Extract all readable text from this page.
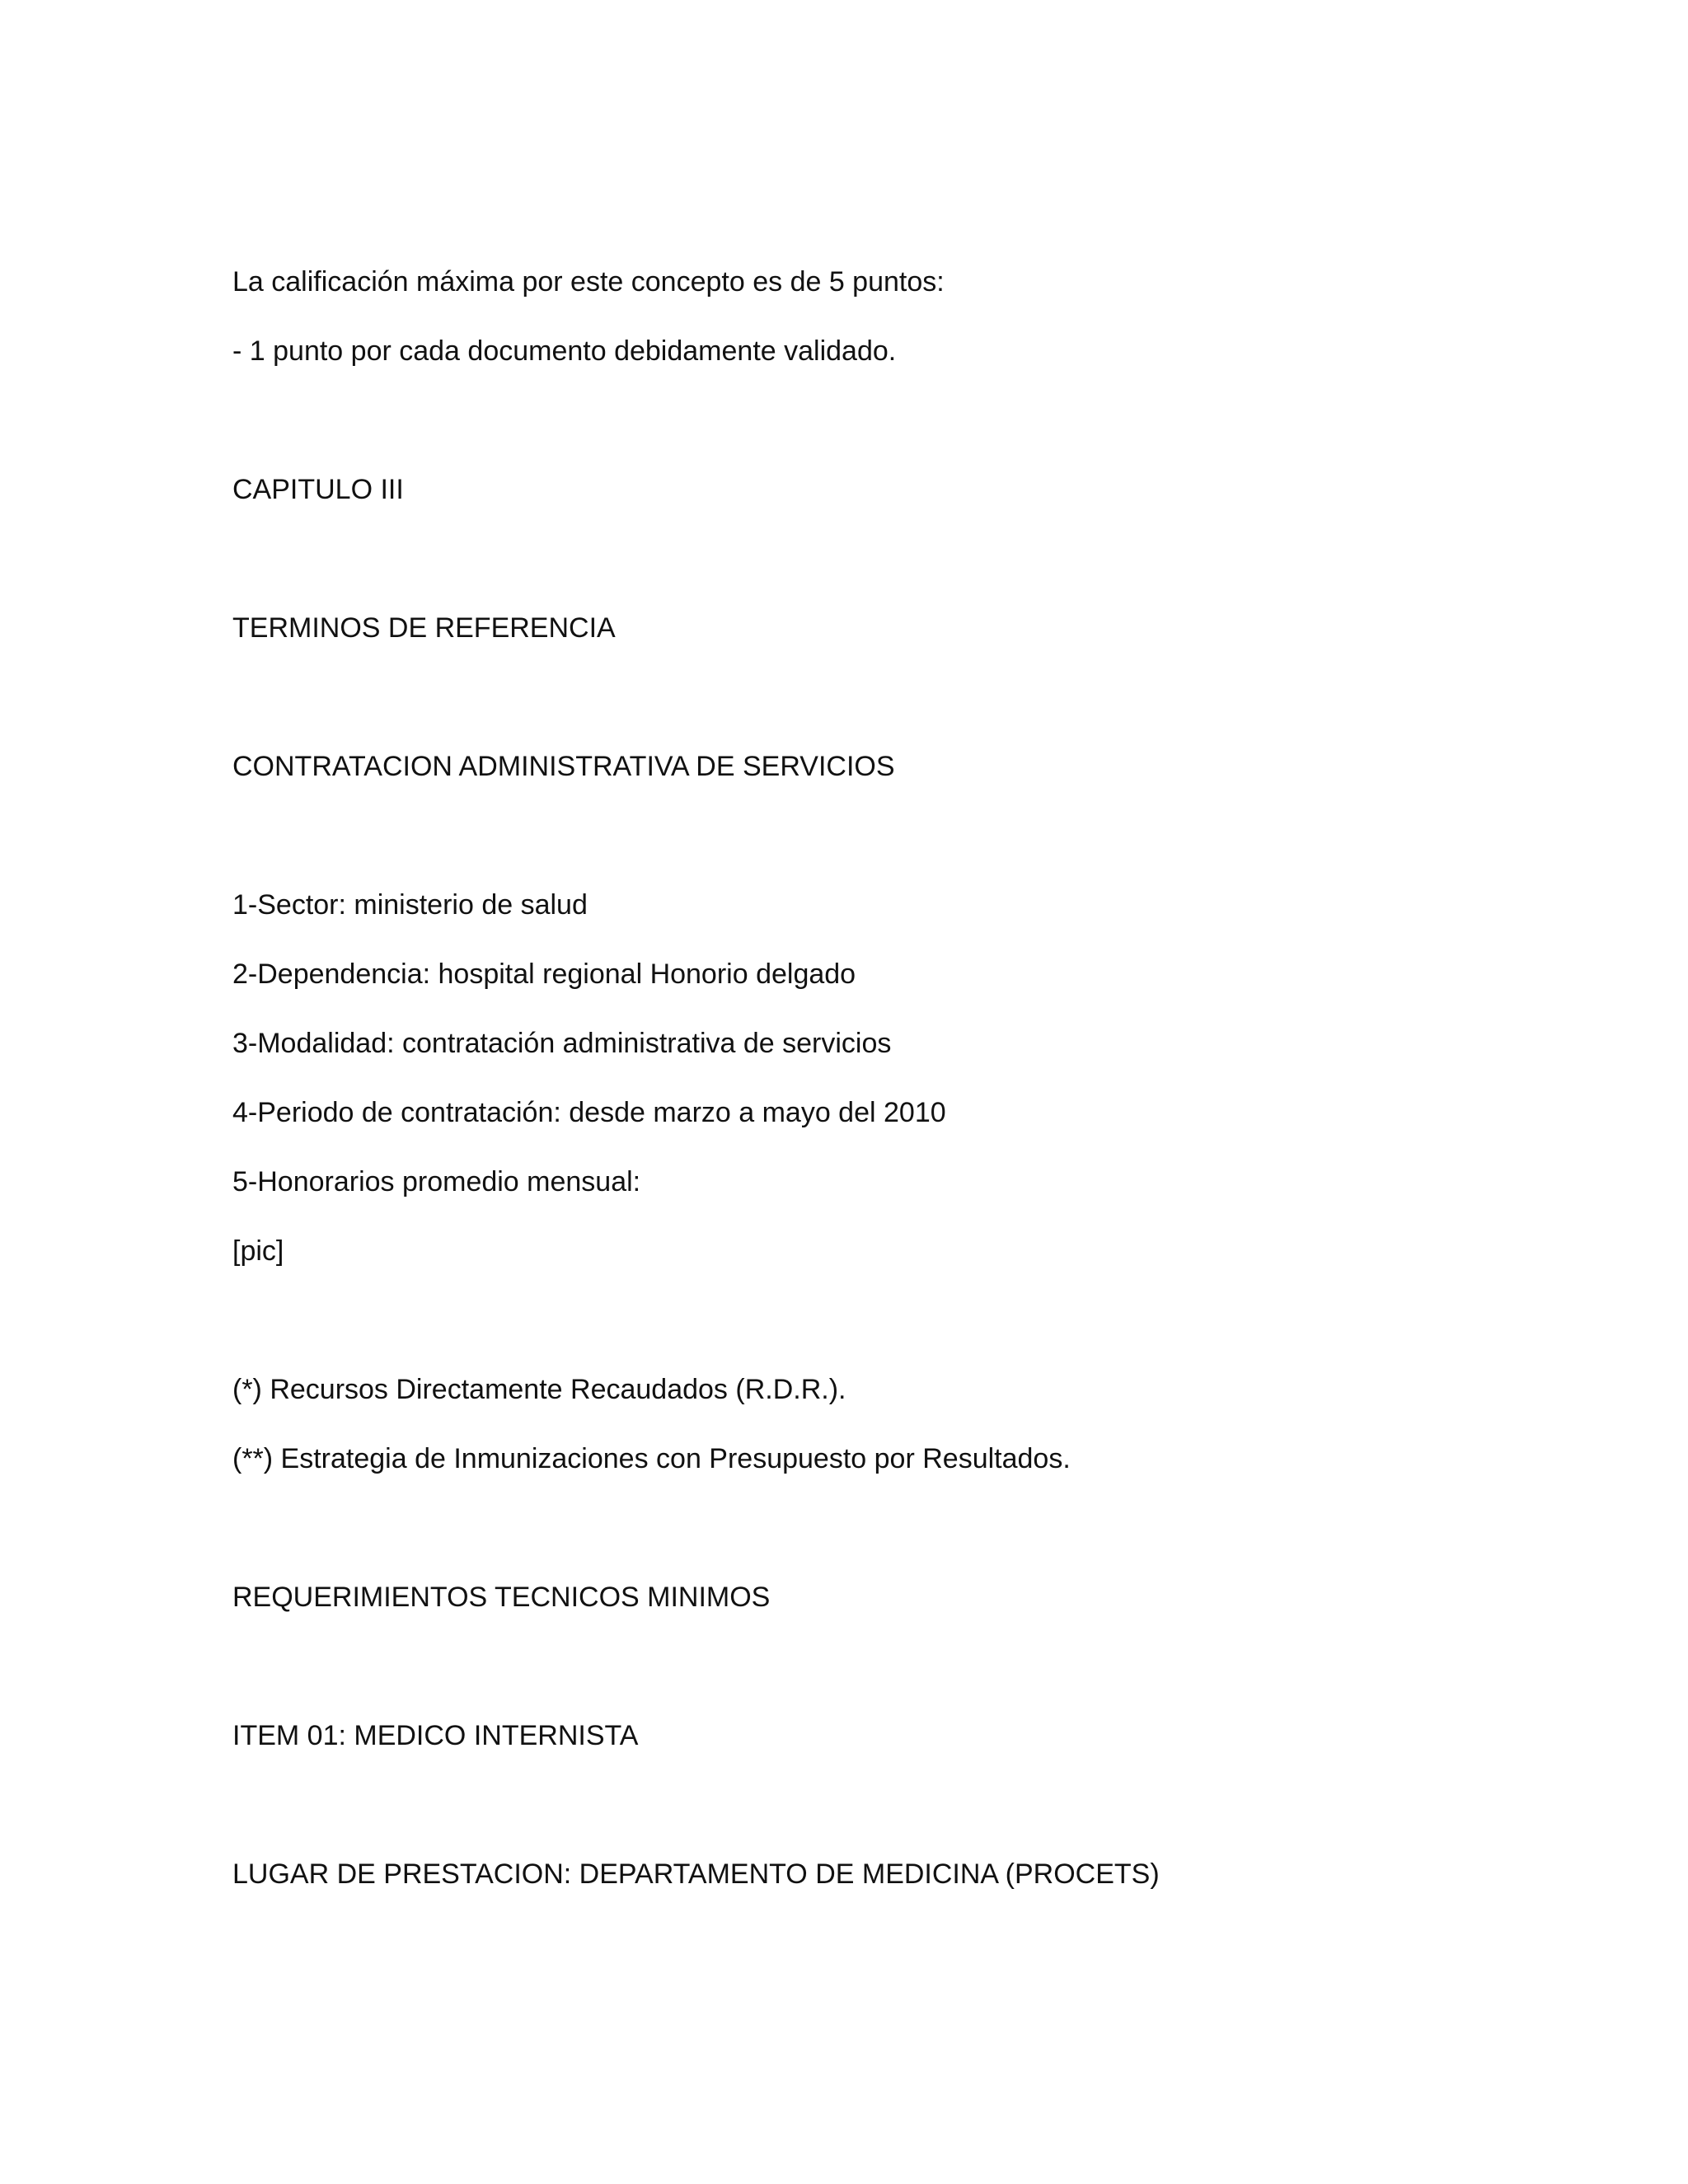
La calificación máxima por este concepto es de 5 puntos:
- 1 punto por cada documento debidamente validado.
CAPITULO III
TERMINOS DE REFERENCIA
CONTRATACION ADMINISTRATIVA DE SERVICIOS
1-Sector: ministerio de salud
2-Dependencia: hospital regional Honorio delgado
3-Modalidad: contratación administrativa de servicios
4-Periodo de contratación: desde marzo a mayo del 2010
5-Honorarios promedio mensual:
[pic]
(*) Recursos Directamente Recaudados (R.D.R.).
(**) Estrategia de Inmunizaciones con Presupuesto por Resultados.
REQUERIMIENTOS TECNICOS MINIMOS
ITEM 01: MEDICO INTERNISTA
LUGAR DE PRESTACION: DEPARTAMENTO DE MEDICINA (PROCETS)
